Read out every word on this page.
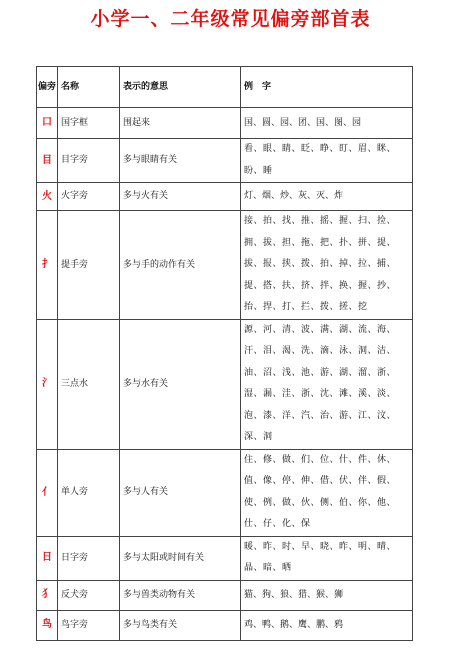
小学一、二年级常见偏旁部首表
偏旁	名称	表示的意思	例　字
口	国字框	围起来	国、圆、园、团、国、图、园
目	目字旁	多与眼睛有关	看、眼、睛、眨、睁、盯、眉、眯、盼、睡
火	火字旁	多与火有关	灯、烟、炒、灰、灭、炸
扌	提手旁	多与手的动作有关	接、拍、找、推、摇、握、扫、捡、拥、拔、担、拖、把、扑、拼、提、拔、报、挟、拨、拍、掉、拉、捕、提、搭、扶、挤、拌、换、握、抄、抬、捍、打、拦、拨、搓、挖
氵	三点水	多与水有关	源、河、清、波、满、湖、流、海、汗、泪、渴、洗、滴、泳、洞、洁、油、沼、浅、池、游、湖、溜、浙、湿、漏、洼、浙、沈、滩、溪、淡、泡、漆、洋、汽、治、游、江、汶、深、洞
亻	单人旁	多与人有关	住、修、做、们、位、什、件、休、值、像、停、伸、借、伏、伴、假、使、例、做、伙、侧、伯、你、他、仕、仔、化、保
日	日字旁	多与太阳或时间有关	暖、昨、时、早、晓、昨、明、晴、晶、暗、晒
犭	反犬旁	多与兽类动物有关	猫、狗、狼、猎、猴、狮
鸟	鸟字旁	多与鸟类有关	鸡、鸭、鹅、鹰、鹏、鸦
